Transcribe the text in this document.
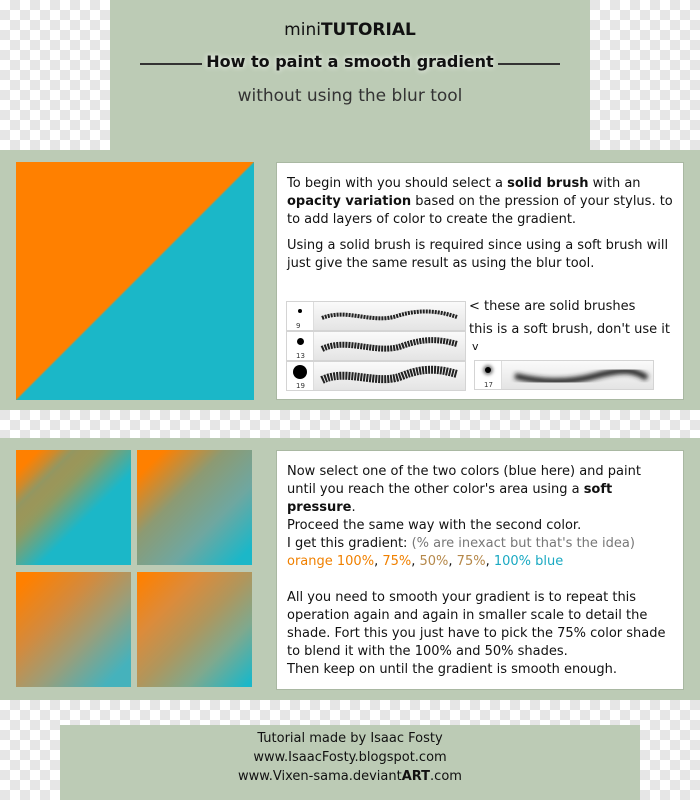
miniTUTORIAL
How to paint a smooth gradient
without using the blur tool

To begin with you should select a solid brush with an opacity variation based on the pression of your stylus. to to add layers of color to create the gradient.

Using a solid brush is required since using a soft brush will just give the same result as using the blur tool.

9
13
19
< these are solid brushes
this is a soft brush, don't use it
v
17

Now select one of the two colors (blue here) and paint until you reach the other color's area using a soft pressure.

Proceed the same way with the second color.

I get this gradient: (% are inexact but that's the idea)

orange 100%, 75%, 50%, 75%, 100% blue

All you need to smooth your gradient is to repeat this operation again and again in smaller scale to detail the shade. Fort this you just have to pick the 75% color shade to blend it with the 100% and 50% shades.

Then keep on until the gradient is smooth enough.

Tutorial made by Isaac Fosty
www.IsaacFosty.blogspot.com
www.Vixen-sama.deviantART.com
